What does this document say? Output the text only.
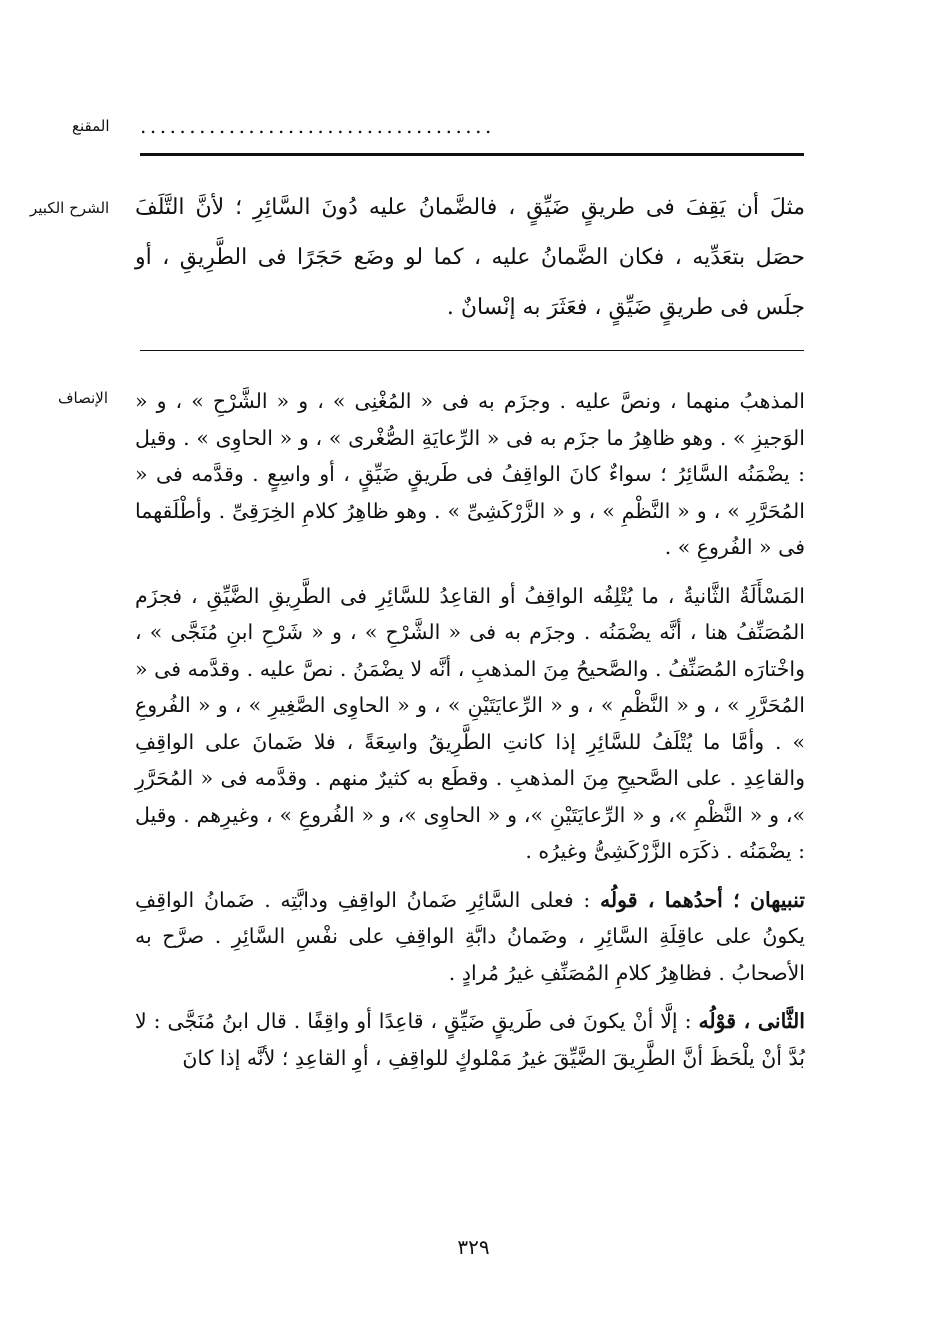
المقنع ....................................
الشرح الكبير مثلَ أن يَقِفَ فى طريقٍ ضَيِّقٍ ، فالضَّمانُ عليه دُونَ السَّائِرِ ؛ لأنَّ التَّلَفَ حصَل بتعَدِّيه ، فكان الضَّمانُ عليه ، كما لو وضَع حَجَرًا فى الطَّرِيقِ ، أو جلَس فى طريقٍ ضَيِّقٍ ، فعَثَرَ به إنْسانٌ .

الإنصاف المذهبُ منهما ، ونصَّ عليه . وجزَم به فى « المُغْنِى » ، و « الشَّرْحِ » ، و « الوَجيزِ » . وهو ظاهِرُ ما جزَم به فى « الرِّعايَةِ الصُّغْرى » ، و « الحاوِى » . وقيل : يضْمَنُه السَّائِرُ ؛ سواءٌ كانَ الواقِفُ فى طَريقٍ ضَيِّقٍ ، أو واسِعٍ . وقدَّمه فى « المُحَرَّرِ » ، و « النَّظْمِ » ، و « الزَّرْكَشِىِّ » . وهو ظاهِرُ كلامِ الخِرَقِىِّ . وأطْلَقهما فى « الفُروعِ » .

المَسْأَلَةُ الثَّانيةُ ، ما يُتْلِفُه الواقِفُ أو القاعِدُ للسَّائِرِ فى الطَّرِيقِ الضَّيِّقِ ، فجزَم المُصَنِّفُ هنا ، أنَّه يضْمَنُه . وجزَم به فى « الشَّرْحِ » ، و « شَرْحِ ابنِ مُنَجَّى » ، واخْتارَه المُصَنِّفُ . والصَّحيحُ مِنَ المذهبِ ، أنَّه لا يضْمَنُ . نصَّ عليه . وقدَّمه فى « المُحَرَّرِ » ، و « النَّظْمِ » ، و « الرِّعايَتَيْنِ » ، و « الحاوِى الصَّغِيرِ » ، و « الفُروعِ » . وأمَّا ما يُتْلَفُ للسَّائِرِ إذا كانتِ الطَّرِيقُ واسِعَةً ، فلا ضَمانَ على الواقِفِ والقاعِدِ . على الصَّحيحِ مِنَ المذهبِ . وقطَع به كثيرٌ منهم . وقدَّمه فى « المُحَرَّرِ »، و « النَّظْمِ »، و « الرِّعايَتَيْنِ »، و « الحاوِى »، و « الفُروعِ » ، وغيرِهم . وقيل : يضْمَنُه . ذكَرَه الزَّرْكَشِىُّ وغيرُه .

تنبيهان ؛ أحدُهما ، قولُه : فعلى السَّائِرِ ضَمانُ الواقِفِ ودابَّتِه . ضَمانُ الواقِفِ يكونُ على عاقِلَةِ السَّائِرِ ، وضَمانُ دابَّةِ الواقِفِ على نفْسِ السَّائِرِ . صرَّح به الأصحابُ . فظاهِرُ كلامِ المُصَنِّفِ غيرُ مُرادٍ .

الثَّانى ، قوْلُه : إلَّا أنْ يكونَ فى طَريقٍ ضَيِّقٍ ، قاعِدًا أو واقِفًا . قال ابنُ مُنَجَّى : لا بُدَّ أنْ يلْحَظَ أنَّ الطَّرِيقَ الضَّيِّقَ غيرُ مَمْلوكٍ للواقِفِ ، أوِ القاعِدِ ؛ لأنَّه إذا كانَ

٣٢٩
